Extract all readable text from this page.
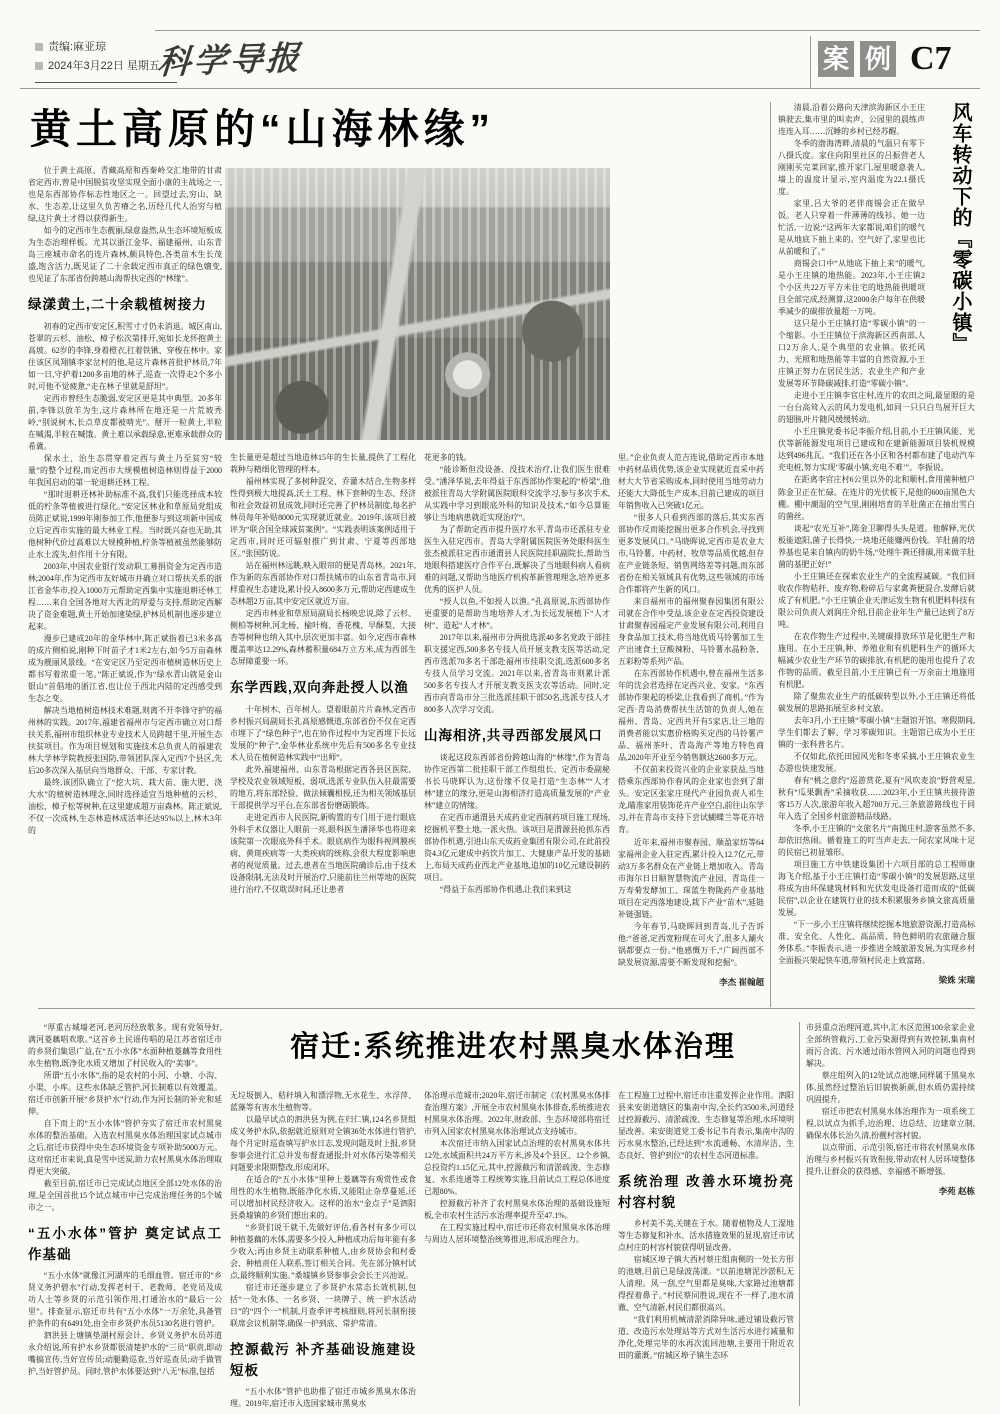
责编:麻亚琼
2024年3月22日 星期五
科学导报	案 例 C7
黄土高原的“山海林缘”

位于黄土高原、青藏高原和西秦岭交汇地带的甘肃省定西市,曾是中国脱贫攻坚实现全面小康的主战场之一,也是东西部协作标志性地区之一。回望过去,穷山、缺水、生态差,让这里久负苦瘠之名,历经几代人治穷与植绿,这片黄土才得以获得新生。

如今的定西市生态靓丽,绿意盎然,从生态环境短板成为生态治理样板。尤其以浙江金华、福建福州、山东青岛三座城市命名的连片森林,颇具特色,各类苗木生长茂盛,饱含活力,既见证了二十余载定西市真正的绿色嬗变,也见证了东部省份跨越山海帮扶定西的“林缘”。

绿漾黄土,二十余载植树接力

初春的定西市安定区,积雪寸寸仍未消退。城区南山,苍翠的云杉、油松、樟子松次第排开,宛如长龙怀抱黄土高坡。62岁的李锋,身着橙衣,扛着铁锹、穿梭在林中。家住该区凤翔镇李家岔村的他,是这片森林首批护林员,7年如一日,守护着1200多亩地的林子,巡查一次得走2个多小时,可他不觉疲惫,“走在林子里就是舒坦”。

定西市曾经生态脆弱,安定区更是其中典型。20多年前,李锋以放羊为生,这片森林所在地还是一片荒坡秃岭,“别说树木,长点草皮都被啃光”。掰开一粒黄土,半粒在喊渴,半粒在喊饿。黄土难以承载绿意,更难承载群众的希冀。

保水土、治生态贯穿着定西与黄土乃至贫穷“较量”的整个过程,而定西市大规模植树造林则得益于2000年我国启动的第一轮退耕还林工程。

“那时退耕还林补助标准不高,我们只能选择成本较低的柠条等植被进行绿化。”安定区林业和草原局党组成员陈正斌说,1999年刚参加工作,他便参与到这项新中国成立后定西市实施的最大林业工程。当时既兴奋也无助,其他树种代价过高难以大规模种植,柠条等植被虽然能够防止水土流失,但作用十分有限。

2003年,中国农业银行发动职工募捐资金为定西市造林;2004年,作为定西市友好城市并确立对口帮扶关系的浙江省金华市,投入1000万元帮助定西集中实施退耕还林工程……来自全国各地对大西北的厚爱与支持,帮助定西解决了资金难题,黄土开始加速染绿,护林员机制也逐步建立起来。

漫步已建成20年的金华林中,陈正斌指着已3米多高的成片侧柏说,刚种下时苗子才1米2左右,如今5万亩森林成为靓丽风景线。“在安定区乃至定西市植树造林历史上都书写着浓重一笔。”陈正斌说,作为“绿水青山就是金山银山”首倡地的浙江省,也让位于西北内陆的定西感受到生态之变。

解决当地植树造林技术难题,则离不开李锋守护的福州林的实践。2017年,福建省福州市与定西市确立对口帮扶关系,福州市组织林业专业技术人员跨越千里,开展生态扶贫项目。作为项目规划和实施技术总负责人的福建农林大学林学院教授张国防,带领团队深入定西7个县区,先后20多次深入基层向当地群众、干部、专家讨教。

最终,该团队确立了“挖大坑、栽大苗、施大肥、浇大水”的植树造林理念,同时选择适宜当地种植的云杉、油松、樟子松等树种,在这里建成超万亩森林。陈正斌说,不仅一次成林,生态林造林成活率还达95%以上,林木3年的

生长量更是超过当地造林15年的生长量,提供了工程化栽种与精细化管理的样本。

福州林实现了多树种混交、乔灌木结合,生物多样性得到极大地提高,沃土工程、林下套种的生态、经济和社会效益初显成效,同时还完善了护林员制度,每名护林员每年补贴8000元实现就近就业。2019年,该项目被评为“联合国全球减贫案例”。“实践表明该案例适用于定西市,同时还可辐射推广到甘肃、宁夏等西部地区。”张国防说。

站在福州林远眺,映入眼帘的便是青岛林。2021年,作为新的东西部协作对口帮扶城市的山东省青岛市,同样重视生态建设,累计投入8600多万元,帮助定西建成生态林超2万亩,其中安定区就近万亩。

定西市林业和草原局副局长杨映忠说,除了云杉、侧柏等树种,河北杨、榆叶梅、香花槐、早酥梨、大接杏等树种也纳入其中,层次更加丰富。如今,定西市森林覆盖率达12.29%,森林蓄积量684万立方米,成为西部生态屏障重要一环。

东学西践,双向奔赴授人以渔

十年树木、百年树人。望着眼前片片森林,定西市乡村振兴局副局长孔高原感慨道,东部省份不仅在定西市埋下了“绿色种子”,也在协作过程中为定西埋下长远发展的“种子”,金华林业系统中先后有500多名专业技术人员在植树造林实践中“出师”。

此外,福建福州、山东青岛根据定西各县区医院、学校及农业领域短板、弱项,选派专业队伍入驻最需要的地方,将东部经验、做法倾囊相授,还为相关领域基层干部提供学习平台,在东部省份磨砺锻炼。

走进定西市人民医院,新购置的专门用于进行眼底外科手术仪器让人眼前一亮,眼科医生潘泽华也将迎来该院第一次眼底外科手术。眼底病作为眼科视网膜疾病、黄斑疾病等一大类疾病的统称,会很大程度影响患者的视觉质量。过去,患者在当地医院确诊后,由于技术设备限制,无法及时开展治疗,只能前往兰州等地的医院进行治疗,不仅耽误时间,还让患者

花更多的钱。

“能诊断但没设备、没技术治疗,让我们医生很难受。”潘泽华说,去年得益于东西部协作架起的“桥梁”,他被派往青岛大学附属医院眼科交流学习,参与多次手术,从实践中学习到眼底外科的知识及技术,“如今总算能够让当地病患就近实现治疗”。

为了帮助定西市提升医疗水平,青岛市还派驻专业医生入驻定西市。青岛大学附属医院医务处眼科医生张杰被派驻定西市通渭县人民医院挂职副院长,帮助当地眼科搭建医疗合作平台,既解决了当地眼科病人看病难的问题,又帮助当地医疗机构革新管理理念,培养更多优秀的医护人员。

“授人以鱼,不如授人以渔。”孔高原说,东西部协作更重要的是帮助当地培养人才,为长远发展植下“人才树”、造起“人才林”。

2017年以来,福州市分两批选派40多名党政干部挂职支援定西,500多名专技人员开展支教支医等活动,定西市选派70多名干部赴福州市挂职交流,选派600多名专技人员学习交流。2021年以来,省青岛市则累计派500多名专技人才开展支教支医支农等活动。同时,定西市向青岛市分三批选派挂职干部50名,选派专技人才800多人次学习交流。

山海相济,共寻西部发展风口

谈起这段东西部省份跨越山海的“林缘”,作为青岛协作定西第二批挂职干部工作组组长、定西市委副秘书长马晓晖认为,这份缘不仅是打造“生态林”“人才林”建立的缘分,更是山海相济打造高质量发展的“产业林”建立的情缘。

在定西市通渭县天成药业定西制药项目施工现场,挖掘机平整土地,一派火热。该项目是渭源县抢抓东西部协作机遇,引进山东天成药业集团有限公司,在此前投资4.3亿元建成中药饮片加工、大健康产品开发的基础上,布局天成药业西北产业基地,追加的10亿元建设制药项目。

“得益于东西部协作机遇,让我们来到这

里。”企业负责人范吉连说,借助定西市本地中药材品质优势,该企业实现就近直采中药材大大节省采购成本,同时使用当地劳动力还能大大降低生产成本,目前已建成的项目年销售收入已突破1亿元。

“很多人只看到西部的落后,其实东西部协作反而能挖掘出更多合作机会,寻找到更多发展风口。”马晓晖说,定西市是农业大市,马铃薯、中药材、牧草等品质优越,但存在产业链条短、销售网络差等问题,而东部省份在相关领域具有优势,这些领域的市场合作都将产生新的风口。

来自福州市的福州聚春园集团有限公司就在合作中受益,该企业在定西投资建设甘肃聚春园福定产业发展有限公司,利用自身食品加工技术,将当地优质马铃薯加工生产出速食土豆酸辣粉、马铃薯水晶粉条、五彩粉等系列产品。

在东西部协作机遇中,曾在福州生活多年的沈会君选择在定西兴业、安家。“东西部协作架起的桥梁,让我看到了商机。”作为定西·青岛消费帮扶生活馆的负责人,她在福州、青岛、定西共开有5家店,让三地的消费者能以实惠价格购买定西的马铃薯产品、福州茶叶、青岛海产等地方特色商品,2020年开业至今销售额达2600多万元。

不仅前来投资兴业的企业家获益,当地搭乘东西部协作春风的企业家也尝到了甜头。安定区张家庄现代产业园负责人祁生龙,瞄准家用装饰花卉产业空白,前往山东学习,并在青岛市支持下尝试蝴蝶兰等花卉培育。

近年来,福州市聚春园、顺盈家纺等64家福州企业入驻定西,累计投入12.7亿元,带动3万多名群众在产业链上增加收入。青岛市海尔日日顺智慧物流产业园、青岛佳一万寿菊发酵加工、琛蓝生物陇药产业基地项目在定西落地建设,栽下产业“苗木”,延链补链强链。

今年春节,马晓晖回到青岛,儿子告诉他:“爸爸,定西宽粉现在可火了,很多人涮火锅都要点一份。”他感慨万千,“广阔西部不缺发展资源,需要不断发现和挖掘”。

李杰 崔翰超

风车转动下的『零碳小镇』

清晨,沿着公路向天津滨海新区小王庄镇驶去,集市里的叫卖声、公园里的晨练声连连入耳……沉睡的乡村已经苏醒。

冬季的渤海湾畔,清晨的气温只有零下八摄氏度。家住向阳里社区的吕振营老人刚刚买完菜回家,推开家门,屋里暖意袭人,墙上的温度计显示,室内温度为22.1摄氏度。

家里,吕大爷的老伴商锡会正在做早饭。老人只穿着一件薄薄的线衫。她一边忙活,一边说:“这两年大家都说,咱们的暖气是从地底下抽上来的。空气好了,家里也比从前暖和了。”

商锡会口中“从地底下抽上来”的暖气,是小王庄镇的地热能。2023年,小王庄镇2个小区共22万平方米住宅的地热能供暖项目全部完成,经测算,这2000余户每年在供暖季减少的碳排放量超一万吨。

这只是小王庄镇打造“零碳小镇”的一个缩影。小王庄镇位于滨海新区西南部,人口2万余人,是个典型的农业镇。依托风力、光照和地热能等丰富的自然资源,小王庄镇正努力在居民生活、农业生产和产业发展等环节降碳减排,打造“零碳小镇”。

走进小王庄镇李官庄村,连片的农田之间,最显眼的是一台台高耸入云的风力发电机,如同一只只白鸟展开巨大的翅膀,叶片随风缓缓转动。

小王庄镇党委书记李振介绍,目前,小王庄镇风能、光伏等新能源发电项目已建成和在建新能源项目装机规模达到496兆瓦。“我们还在各小区和各村都布建了电动汽车充电桩,努力实现‘零碳小镇,充电不难’”。李振说。

在距离李官庄村6公里以外的北和顺村,食用菌种植户陈金卫正在忙碌。在连片的光伏板下,是他的600亩黑色大棚。棚中潮湿的空气里,刚刚培育的羊肚菌正在抽出雪白的菌丝。

谈起“农光互补”,陈金卫聊得头头是道。他解释,光伏板能遮阳,菌子长得快,一块地还能赚两份钱。羊肚菌的培养基也是来自镇内的奶牛场,“处理牛粪还排碳,用来做羊肚菌的基肥正好!”

小王庄镇还在探索农业生产的全流程减碳。“我们回收农作物秸秆、废弃物,粉碎后与家禽粪便混合,发酵后就成了有机肥。”小王庄镇企业天津运发生物有机肥料科技有限公司负责人刘润庄介绍,目前企业年生产量已达到了8万吨。

在农作物生产过程中,关键碳排放环节是化肥生产和施用。在小王庄镇,种、养殖业和有机肥料生产的循环大幅减少农业生产环节的碳排放,有机肥的施用也提升了农作物的品质。截至目前,小王庄镇已有一万余亩土地施用有机肥。

除了聚焦农业生产的低碳转型以外,小王庄镇还将低碳发展的思路拓展至乡村文旅。

去年3月,小王庄镇“零碳小镇”主题馆开馆。寒假期间,学生们都去了解、学习零碳知识。主题馆已成为小王庄镇的一张科普名片。

不仅如此,依托田园风光和冬枣采摘,小王庄镇农业生态游也快速发展。

春有“桃之意约”巡游赏花,夏有“风吹麦浪”野营观星,秋有“瓜果飘香”采摘收获……2023年,小王庄镇共接待游客15万人次,旅游年收入超700万元,三条旅游路线也于同年入选了全国乡村旅游精品线路。

冬季,小王庄镇的“文旅名片”南抛庄村,游客虽然不多,却依旧热闹。循着施工的叮当声走去,一间农家风味十足的民宿已初显雏形。

项目施工方中铁建设集团十六项目部的总工程师康海飞介绍,基于小王庄镇打造“零碳小镇”的发展思路,这里将成为由环保建筑材料和光伏发电设备打造而成的“低碳民宿”,以企业在建筑行业的技术积累服务乡镇文旅高质量发展。

“下一步,小王庄镇将继续挖掘本地旅游资源,打造高标准、安全化、人性化、高品质、特色鲜明的农旅融合服务体系。”李振表示,进一步推进全域旅游发展,为实现乡村全面振兴架起快车道,带领村民走上致富路。

梁姝 宋瑞

宿迁:系统推进农村黑臭水体治理

“厚重古城墙老河,老河历经放歌多。现有党领导好,满河菱藕唱欢歌。”这首乡土民谣传唱的是江苏省宿迁市的乡贤们集思广益,在“五小水体”水面种植菱藕等食用性水生植物,既净化水质又增加了村民收入的“美事”。

所谓“五小水体”,指的是农村的小河、小塘、小沟、小渠、小库。这些水体缺乏管护,河长制难以有效覆盖。宿迁市创新开展“乡贤护水”行动,作为河长制的补充和延伸。

自下而上的“五小水体”管护夯实了宿迁市农村黑臭水体的整治基础。入选农村黑臭水体治理国家试点城市之后,宿迁市获得中央生态环境资金专项补助5000万元。这对宿迁市来说,真是雪中送炭,助力农村黑臭水体治理取得更大突破。

截至目前,宿迁市已完成试点地区全部12处水体的治理,是全国首批15个试点城市中已完成治理任务的5个城市之一。

“五小水体”管护 奠定试点工作基础

“五小水体”就像江河湖库的毛细血管。宿迁市的“乡贤义务护碧水”行动,发挥老村干、老教师、老党员及成功人士等乡贤的示范引领作用,打通治水的“最后一公里”。排查显示,宿迁市共有“五小水体”一万余处,具备管护条件的有6491处,由全市乡贤护水员5130名进行管护。

泗洪县上塘镇垫湖村原会计、乡贤义务护水员苏道永介绍说,所有护水乡贤都很清楚护水的“三员”职责,即动嘴搞宣传,当好宣传员;动腿勤巡查,当好巡查员;动手做管护,当好管护员。同时,管护水体要达到“八无”标准,包括

无垃圾倒入、秸秆填入和漂浮物,无水花生、水浮萍、蓝藻等有害水生植物等。

以最早试点的泗洪县为例,在归仁镇,124名乡贤组成义务护水队,依据就近原则对全镇36处水体进行管护,每个月定时巡查填写护水日志,发现问题及时上报,乡贤参事会进行汇总并发布督查通报;针对水体污染等相关问题要求限期整改,形成闭环。

在适合的“五小水体”里种上菱藕等有观赏性或食用性的水生植物,既能净化水质,又能阻止杂草蔓延,还可以增加村民经济收入。这样的治水“金点子”是泗阳县桑墟镇的乡贤们想出来的。

“乡贤们说干就干,先做好评估,看各村有多少可以种植菱藕的水体,需要多少投入,种植成功后每年能有多少收入;再由乡贤主动联系种植人,由乡贤协会和村委会、种植责任人联系,签订相关合同。先在部分镇村试点,最终顺利实施。”桑墟镇乡贤参事会会长王兴池说。

宿迁市还逐步建立了乡贤护水常态长效机制,包括“一处水体、一名乡贤、一块牌子、统一护水活动日”的“四个一”机制,月查季评考核细则,将河长制衔接联席会议机制等,确保一护到底、常护常清。

控源截污 补齐基础设施建设短板

“五小水体”管护也助推了宿迁市城乡黑臭水体治理。2019年,宿迁市入选国家城市黑臭水

体治理示范城市;2020年,宿迁市制定《农村黑臭水体排查治理方案》,开展全市农村黑臭水体排查,系统推进农村黑臭水体治理。2022年,财政部、生态环境部将宿迁市列入国家农村黑臭水体治理试点支持城市。

本次宿迁市纳入国家试点治理的农村黑臭水体共12处,水域面积共24万平方米,涉及4个县区、12个乡镇,总投资约1.15亿元,其中,控源截污和清淤疏浚、生态修复、水系连通等工程统筹实施,目前试点工程总体进度已超80%。

控源截污补齐了农村黑臭水体治理的基础设施短板,全市农村生活污水治理率提升至47.1%。

在工程实施过程中,宿迁市还将农村黑臭水体治理与周边人居环境整治统筹推进,形成治理合力。

在工程施工过程中,宿迁市注重发挥企业作用。泗阳县来安街道辖区的集南中沟,全长约3500米,河道经过控源截污、清淤疏浚、生态修复等治理,水环境明显改善。来安街道党工委书记韦肖表示,集南中沟的污水臭水整治,已经达到“水流通畅、水清岸洁、生态良好、管护到位”的农村生态河道标准。

系统治理 改善水环境扮亮村容村貌

乡村美不美,关键在于水。随着植物及人工湿地等生态修复和补水、活水措施效果的显现,宿迁市试点村庄的村容村貌获得明显改善。

宿城区埠子镇大西村蔡庄组南侧的一处长方形的池塘,目前已是绿波荡漾。“以前池塘泥沙淤积,无人清理。风一刮,空气里都是臭味,大家路过池塘都得捏着鼻子。”村民蔡同胜说,现在不一样了,池水清澈、空气清新,村民们都很高兴。

“我们利用机械清淤消除异味,通过铺设截污管道、改造污水处理站等方式对生活污水进行减量和净化,处理完毕的水再次流回池塘,主要用于附近农田的灌溉。”宿城区埠子镇生态环

市县重点治理河道,其中,汇水区范围100余家企业全部纳管截污,工业污染源得到有效控制,集南村雨污合流、污水通过雨水管网入河的问题也得到解决。

蔡庄组列入的12处试点池塘,同样属于黑臭水体,虽然经过整治后旧貌换新颜,但水质仍需持续巩固提升。

宿迁市把农村黑臭水体治理作为一项系统工程,以试点为抓手,边治理、边总结、边建章立制,确保水体长治久清,扮靓村容村貌。

以点带面、示范引领,宿迁市将农村黑臭水体治理与乡村振兴有效衔接,带动农村人居环境整体提升,让群众的获得感、幸福感不断增强。

李苑 赵栋
